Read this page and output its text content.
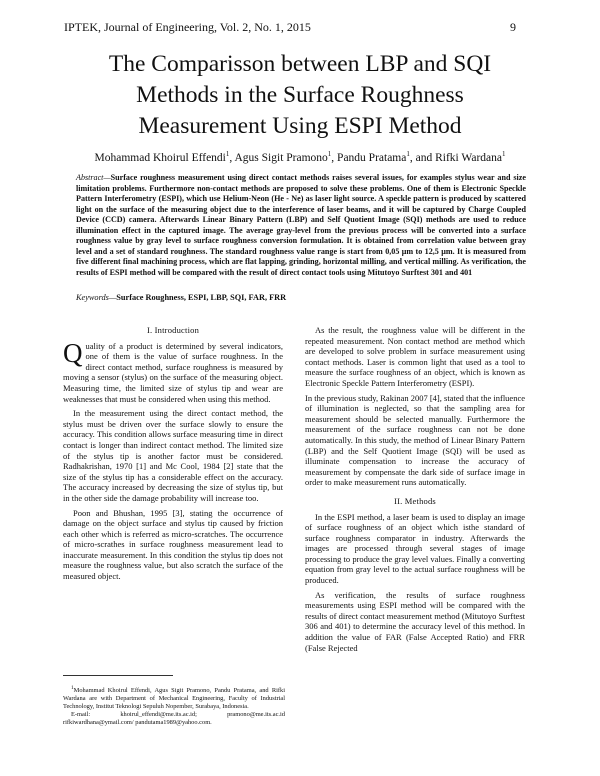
IPTEK, Journal of Engineering, Vol. 2, No. 1, 2015	9
The Comparisson between LBP and SQI
Methods in the Surface Roughness
Measurement Using ESPI Method
Mohammad Khoirul Effendi$^1$, Agus Sigit Pramono$^1$, Pandu Pratama$^1$, and Rifki Wardana$^1$
Abstract—Surface roughness measurement using direct contact methods raises several issues, for examples stylus wear and size limitation problems. Furthermore non-contact methods are proposed to solve these problems. One of them is Electronic Speckle Pattern Interferometry (ESPI), which use Helium-Neon (He - Ne) as laser light source. A speckle pattern is produced by scattered light on the surface of the measuring object due to the interference of laser beams, and it will be captured by Charge Coupled Device (CCD) camera. Afterwards Linear Binary Pattern (LBP) and Self Quotient Image (SQI) methods are used to reduce illumination effect in the captured image. The average gray-level from the previous process will be converted into a surface roughness value by gray level to surface roughness conversion formulation. It is obtained from correlation value between gray level and a set of standard roughness. The standard roughness value range is start from 0,05 μm to 12,5 μm. It is measured from five different final machining process, which are flat lapping, grinding, horizontal milling, and vertical milling. As verification, the results of ESPI method will be compared with the result of direct contact tools using Mitutoyo Surftest 301 and 401
Keywords—Surface Roughness, ESPI, LBP, SQI, FAR, FRR
I. Introduction

Quality of a product is determined by several indicators, one of them is the value of surface roughness. In the direct contact method, surface roughness is measured by moving a sensor (stylus) on the surface of the measuring object. Measuring time, the limited size of stylus tip and wear are weaknesses that must be considered when using this method.

In the measurement using the direct contact method, the stylus must be driven over the surface slowly to ensure the accuracy. This condition allows surface measuring time in direct contact is longer than indirect contact method. The limited size of the stylus tip is another factor must be considered. Radhakrishan, 1970 [1] and Mc Cool, 1984 [2] state that the size of the stylus tip has a considerable effect on the accuracy. The accuracy increased by decreasing the size of stylus tip, but in the other side the damage probability will increase too.

Poon and Bhushan, 1995 [3], stating the occurrence of damage on the object surface and stylus tip caused by friction each other which is referred as micro-scratches. The occurrence of micro-scrathes in surface roughness measurement lead to inaccurate measurement. In this condition the stylus tip does not measure the roughness value, but also scratch the surface of the measured object.

As the result, the roughness value will be different in the repeated measurement. Non contact method are method which are developed to solve problem in surface measurement using contact methods. Laser is common light that used as a tool to measure the surface roughness of an object, which is known as Electronic Speckle Pattern Interferometry (ESPI).

In the previous study, Rakinan 2007 [4], stated that the influence of illumination is neglected, so that the sampling area for measurement should be selected manually. Furthermore the measurement of the surface roughness can not be done automatically. In this study, the method of Linear Binary Pattern (LBP) and the Self Quotient Image (SQI) will be used as illuminate compensation to increase the accuracy of measurement by compensate the dark side of surface image in order to make measurement runs automatically.

II. Methods

In the ESPI method, a laser beam is used to display an image of surface roughness of an object which isthe standard of surface roughness comparator in industry. Afterwards the images are processed through several stages of image processing to produce the gray level values. Finally a converting equation from gray level to the actual surface roughness will be produced.

As verification, the results of surface roughness measurements using ESPI method will be compared with the results of direct contact measurement method (Mitutoyo Surftest 306 and 401) to determine the accuracy level of this method. In addition the value of FAR (False Accepted Ratio) and FRR (False Rejected

$^1$Mohammad Khoirul Effendi, Agus Sigit Pramono, Pandu Pratama, and Rifki Wardana are with Department of Mechanical Engineering, Faculty of Industrial Technology, Institut Teknologi Sepuluh Nopember, Surabaya, Indonesia.
E-mail: khoirul_effendi@me.its.ac.id; pramono@me.its.ac.id rifkiwardhana@ymail.com/ pandutama1989@yahoo.com.
